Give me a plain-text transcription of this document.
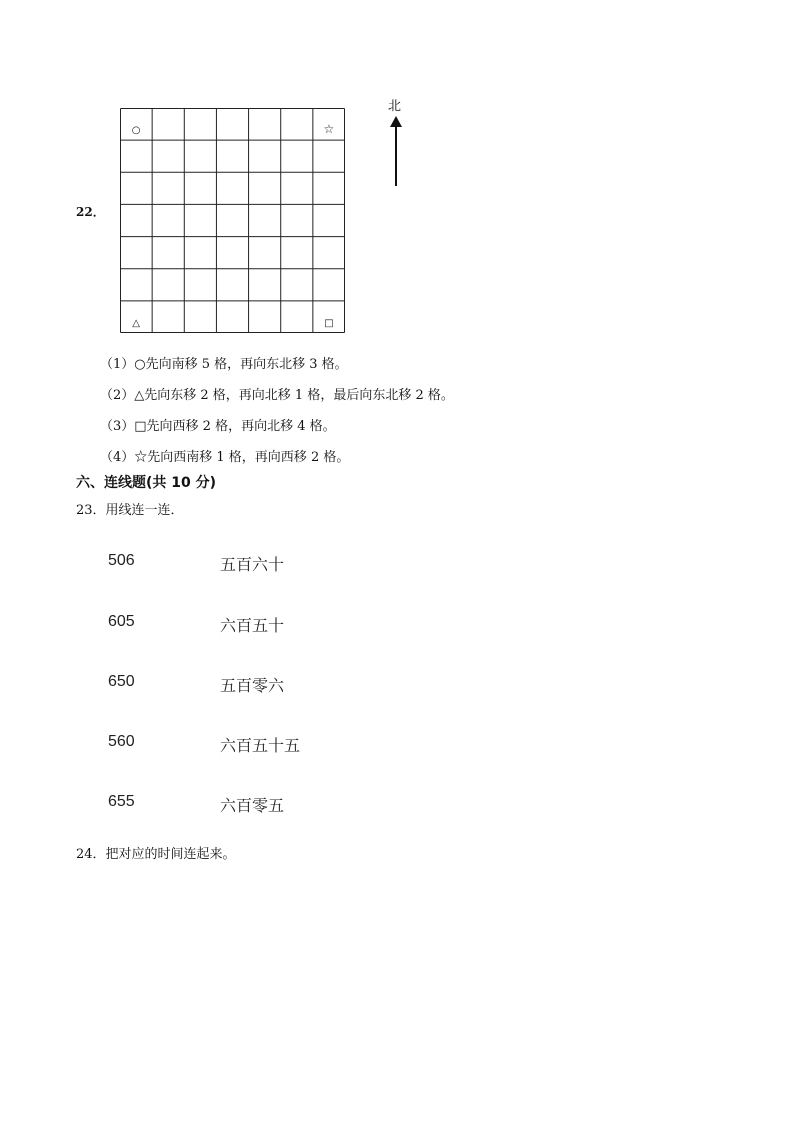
22．
○	☆
△	□
北
（1）○先向南移 5 格，再向东北移 3 格。
（2）△先向东移 2 格，再向北移 1 格，最后向东北移 2 格。
（3）□先向西移 2 格，再向北移 4 格。
（4）☆先向西南移 1 格，再向西移 2 格。
六、连线题(共 10 分)
23．用线连一连．
506
605
650
560
655
五百六十
六百五十
五百零六
六百五十五
六百零五
24．把对应的时间连起来。
